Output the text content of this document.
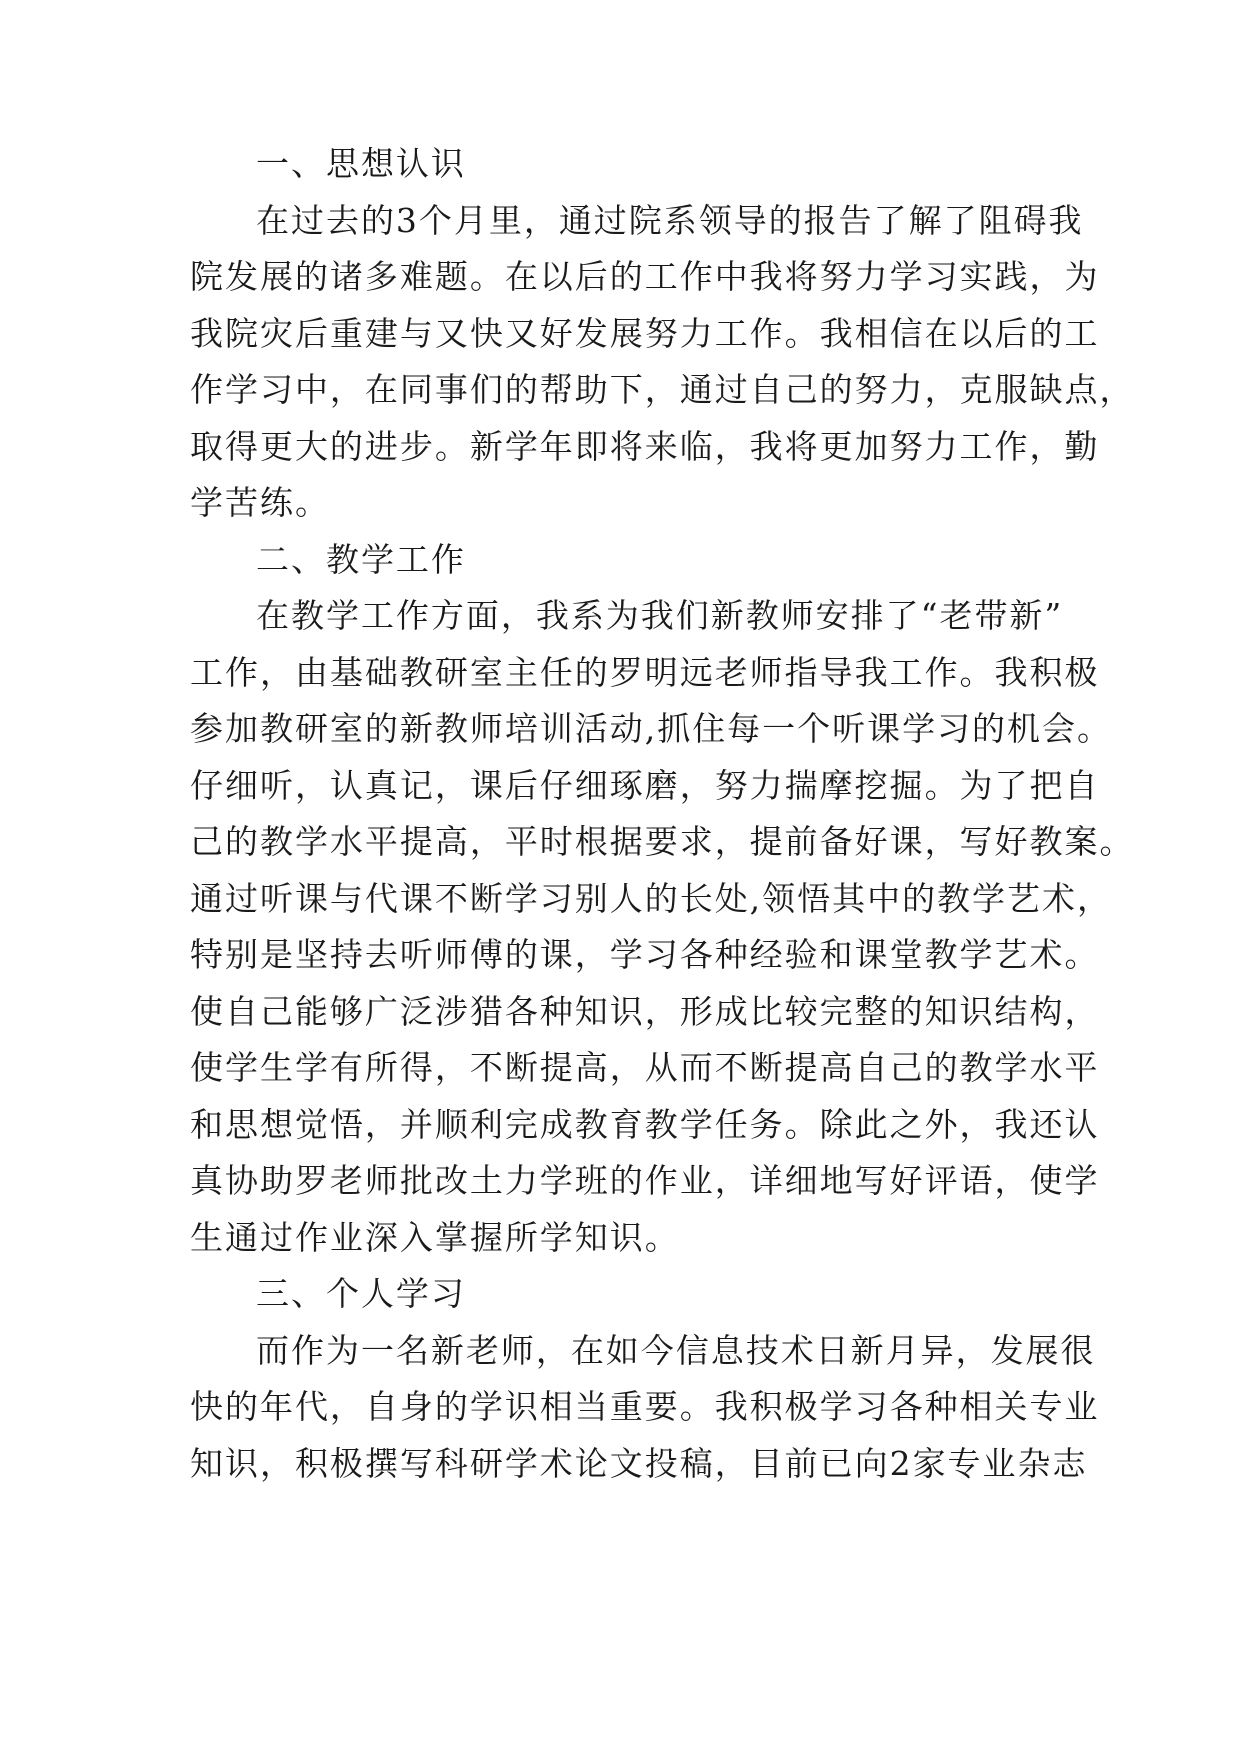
一、思想认识

在过去的3个月里，通过院系领导的报告了解了阻碍我

院发展的诸多难题。在以后的工作中我将努力学习实践，为

我院灾后重建与又快又好发展努力工作。我相信在以后的工

作学习中，在同事们的帮助下，通过自己的努力，克服缺点，

取得更大的进步。新学年即将来临，我将更加努力工作，勤

学苦练。

二、教学工作

在教学工作方面，我系为我们新教师安排了“老带新”

工作，由基础教研室主任的罗明远老师指导我工作。我积极

参加教研室的新教师培训活动,抓住每一个听课学习的机会。

仔细听，认真记，课后仔细琢磨，努力揣摩挖掘。为了把自

己的教学水平提高，平时根据要求，提前备好课，写好教案。

通过听课与代课不断学习别人的长处,领悟其中的教学艺术，

特别是坚持去听师傅的课，学习各种经验和课堂教学艺术。

使自己能够广泛涉猎各种知识，形成比较完整的知识结构，

使学生学有所得，不断提高，从而不断提高自己的教学水平

和思想觉悟，并顺利完成教育教学任务。除此之外，我还认

真协助罗老师批改土力学班的作业，详细地写好评语，使学

生通过作业深入掌握所学知识。

三、个人学习

而作为一名新老师，在如今信息技术日新月异，发展很

快的年代，自身的学识相当重要。我积极学习各种相关专业

知识，积极撰写科研学术论文投稿，目前已向2家专业杂志
